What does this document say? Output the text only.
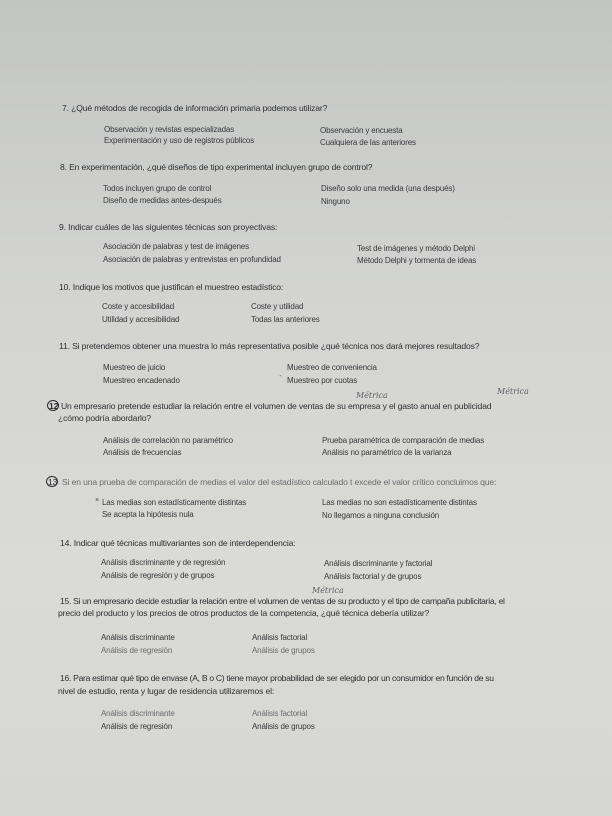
7. ¿Qué métodos de recogida de información primaria podemos utilizar?
Observación y revistas especializadas	Observación y encuesta
Experimentación y uso de registros públicos	Cualquiera de las anteriores
8. En experimentación, ¿qué diseños de tipo experimental incluyen grupo de control?
Todos incluyen grupo de control	Diseño solo una medida (una después)
Diseño de medidas antes-después	Ninguno
9. Indicar cuáles de las siguientes técnicas son proyectivas:
Asociación de palabras y test de imágenes	Test de imágenes y método Delphi
Asociación de palabras y entrevistas en profundidad	Método Delphi y tormenta de ideas
10. Indique los motivos que justifican el muestreo estadístico:
Coste y accesibilidad	Coste y utilidad
Utilidad y accesibilidad	Todas las anteriores
11. Si pretendemos obtener una muestra lo más representativa posible ¿qué técnica nos dará mejores resultados?
Muestreo de juicio	Muestreo de conveniencia
Muestreo encadenado	` Muestreo por cuotas
Métrica	Métrica
12 Un empresario pretende estudiar la relación entre el volumen de ventas de su empresa y el gasto anual en publicidad
¿cómo podría abordarlo?
Análisis de correlación no paramétrico	Prueba paramétrica de comparación de medias
Análisis de frecuencias	Análisis no paramétrico de la varianza
13 Si en una prueba de comparación de medias el valor del estadístico calculado t excede el valor crítico concluimos que:
× Las medias son estadísticamente distintas	Las medias no son estadísticamente distintas
Se acepta la hipótesis nula	No llegamos a ninguna conclusión
14. Indicar qué técnicas multivariantes son de interdependencia:
Análisis discriminante y de regresión	Análisis discriminante y factorial
Análisis de regresión y de grupos	Análisis factorial y de grupos
Métrica
15. Si un empresario decide estudiar la relación entre el volumen de ventas de su producto y el tipo de campaña publicitaria, el
precio del producto y los precios de otros productos de la competencia, ¿qué técnica debería utilizar?
Análisis discriminante	Análisis factorial
Análisis de regresión	Análisis de grupos
16. Para estimar qué tipo de envase (A, B o C) tiene mayor probabilidad de ser elegido por un consumidor en función de su
nivel de estudio, renta y lugar de residencia utilizaremos el:
Análisis discriminante	Análisis factorial
Análisis de regresión	Análisis de grupos
